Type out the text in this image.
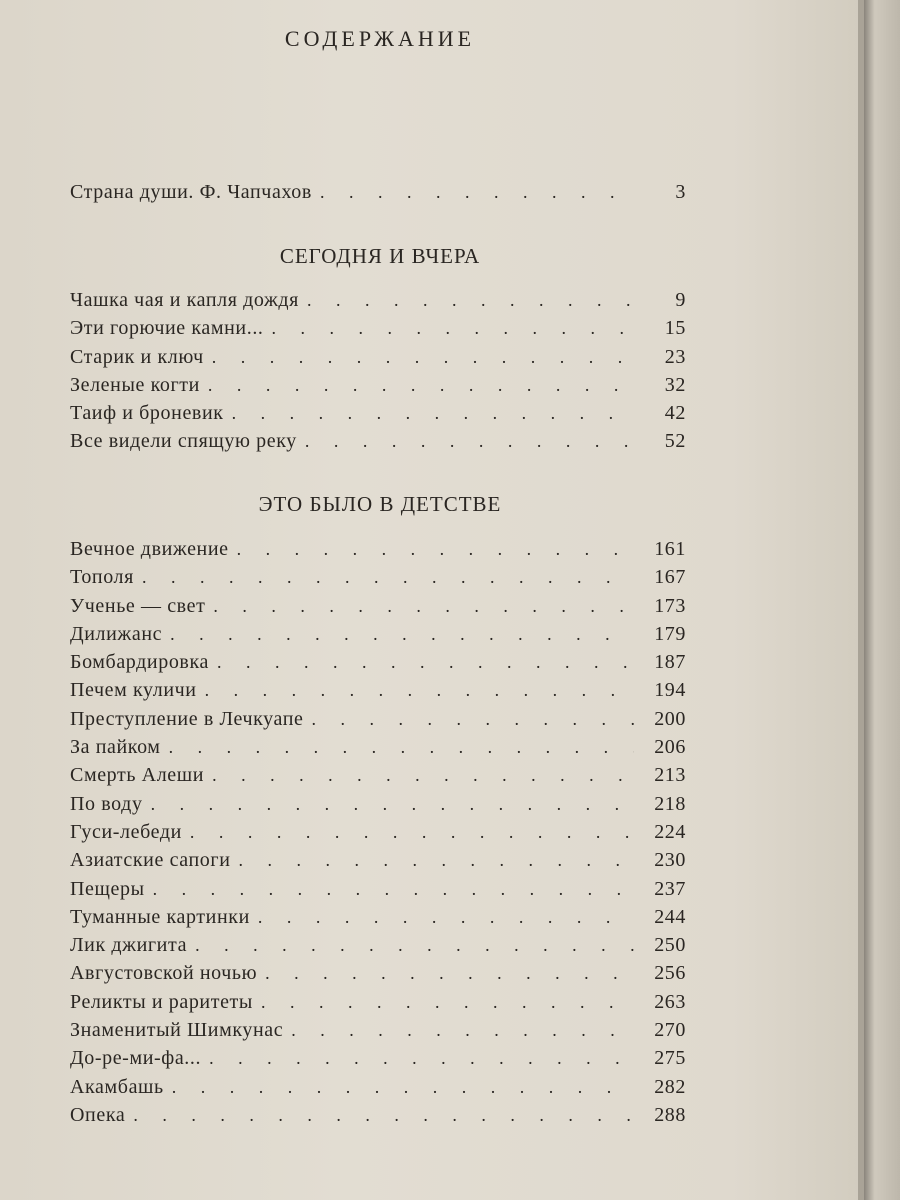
СОДЕРЖАНИЕ
Страна души. Ф. Чапчахов . . .	3
СЕГОДНЯ И ВЧЕРА
Чашка чая и капля дождя . . .	9
Эти горючие камни... . . .	15
Старик и ключ . . .	23
Зеленые когти . . .	32
Таиф и броневик . . .	42
Все видели спящую реку . . .	52
ЭТО БЫЛО В ДЕТСТВЕ
Вечное движение . . .	161
Тополя . . .	167
Ученье — свет . . .	173
Дилижанс . . .	179
Бомбардировка . . .	187
Печем куличи . . .	194
Преступление в Лечкуапе . . .	200
За пайком . . .	206
Смерть Алеши . . .	213
По воду . . .	218
Гуси-лебеди . . .	224
Азиатские сапоги . . .	230
Пещеры . . .	237
Туманные картинки . . .	244
Лик джигита . . .	250
Августовской ночью . . .	256
Реликты и раритеты . . .	263
Знаменитый Шимкунас . . .	270
До-ре-ми-фа... . . .	275
Акамбашь . . .	282
Опека . . .	288
